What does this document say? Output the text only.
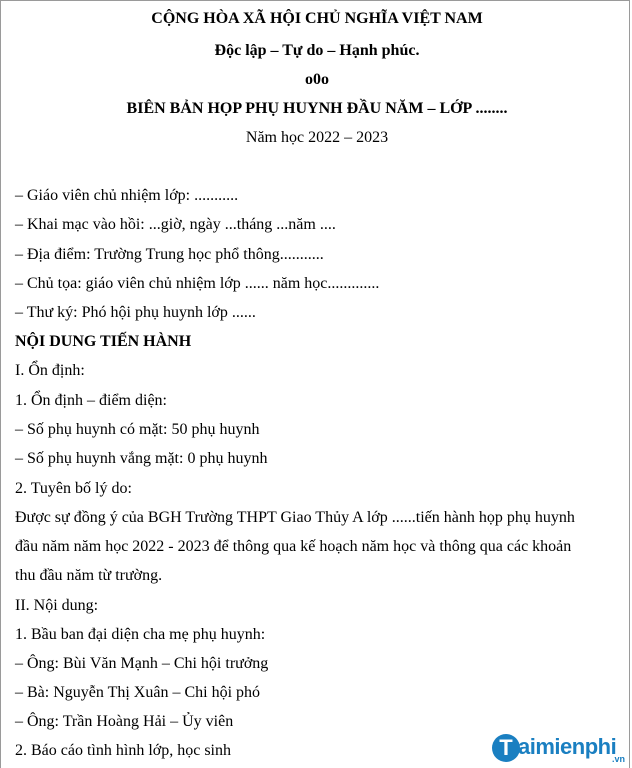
CỘNG HÒA XÃ HỘI CHỦ NGHĨA VIỆT NAM
Độc lập – Tự do – Hạnh phúc.
o0o
BIÊN BẢN HỌP PHỤ HUYNH ĐẦU NĂM – LỚP ........
Năm học 2022 – 2023
– Giáo viên chủ nhiệm lớp: ...........
– Khai mạc vào hồi: ...giờ, ngày ...tháng ...năm ....
– Địa điểm: Trường Trung học phổ thông...........
– Chủ tọa: giáo viên chủ nhiệm lớp ...... năm học.............
– Thư ký: Phó hội phụ huynh lớp ......
NỘI DUNG TIẾN HÀNH
I. Ổn định:
1. Ổn định – điểm diện:
– Số phụ huynh có mặt: 50 phụ huynh
– Số phụ huynh vắng mặt: 0 phụ huynh
2. Tuyên bố lý do:
Được sự đồng ý của BGH Trường THPT Giao Thủy A lớp ......tiến hành họp phụ huynh
đầu năm năm học 2022 - 2023 để thông qua kế hoạch năm học và thông qua các khoản
thu đầu năm từ trường.
II. Nội dung:
1. Bầu ban đại diện cha mẹ phụ huynh:
– Ông: Bùi Văn Mạnh – Chi hội trưởng
– Bà: Nguyễn Thị Xuân – Chi hội phó
– Ông: Trần Hoàng Hải – Ủy viên
2. Báo cáo tình hình lớp, học sinh	T aimienphi
.vn
